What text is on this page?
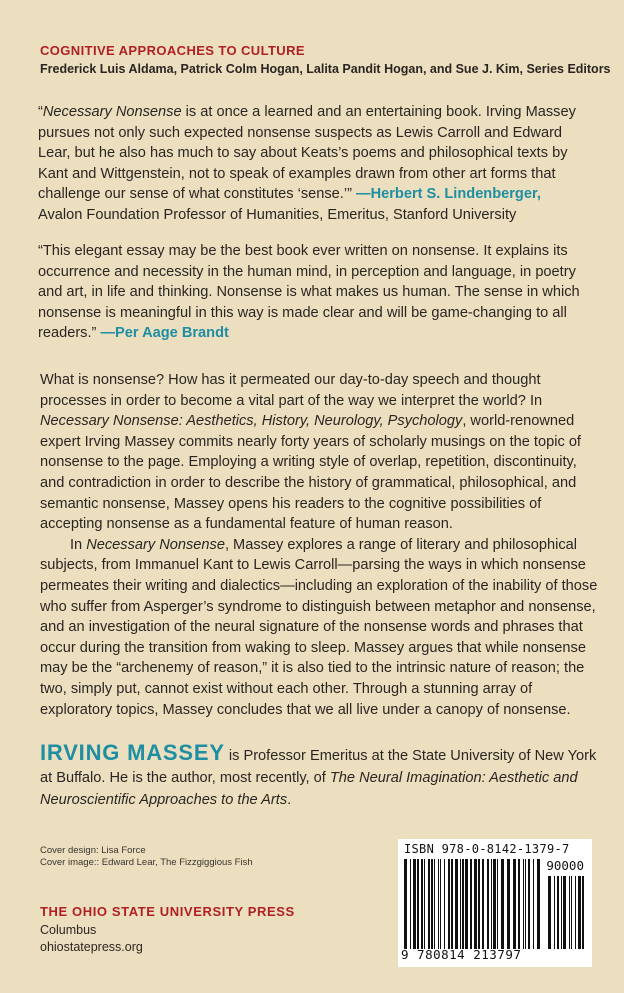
COGNITIVE APPROACHES TO CULTURE
Frederick Luis Aldama, Patrick Colm Hogan, Lalita Pandit Hogan, and Sue J. Kim, Series Editors
“Necessary Nonsense is at once a learned and an entertaining book. Irving Massey pursues not only such expected nonsense suspects as Lewis Carroll and Edward Lear, but he also has much to say about Keats’s poems and philosophical texts by Kant and Wittgenstein, not to speak of examples drawn from other art forms that challenge our sense of what constitutes ‘sense.’” —Herbert S. Lindenberger,
Avalon Foundation Professor of Humanities, Emeritus, Stanford University
“This elegant essay may be the best book ever written on nonsense. It explains its occurrence and necessity in the human mind, in perception and language, in poetry and art, in life and thinking. Nonsense is what makes us human. The sense in which nonsense is meaningful in this way is made clear and will be game-changing to all readers.” —Per Aage Brandt

What is nonsense? How has it permeated our day-to-day speech and thought processes in order to become a vital part of the way we interpret the world? In Necessary Nonsense: Aesthetics, History, Neurology, Psychology, world-renowned expert Irving Massey commits nearly forty years of scholarly musings on the topic of nonsense to the page. Employing a writing style of overlap, repetition, discontinuity, and contradiction in order to describe the history of grammatical, philosophical, and semantic nonsense, Massey opens his readers to the cognitive possibilities of accepting nonsense as a fundamental feature of human reason.

In Necessary Nonsense, Massey explores a range of literary and philosophical subjects, from Immanuel Kant to Lewis Carroll—parsing the ways in which nonsense permeates their writing and dialectics—including an exploration of the inability of those who suffer from Asperger’s syndrome to distinguish between metaphor and nonsense, and an investigation of the neural signature of the nonsense words and phrases that occur during the transition from waking to sleep. Massey argues that while nonsense may be the “archenemy of reason,” it is also tied to the intrinsic nature of reason; the two, simply put, cannot exist without each other. Through a stunning array of exploratory topics, Massey concludes that we all live under a canopy of nonsense.

IRVING MASSEY is Professor Emeritus at the State University of New York at Buffalo. He is the author, most recently, of The Neural Imagination: Aesthetic and Neuroscientific Approaches to the Arts.
Cover design: Lisa Force
Cover image:: Edward Lear, The Fizzgiggious Fish
THE OHIO STATE UNIVERSITY PRESS
Columbus
ohiostatepress.org
ISBN 978-0-8142-1379-7
90000
9 780814 213797
